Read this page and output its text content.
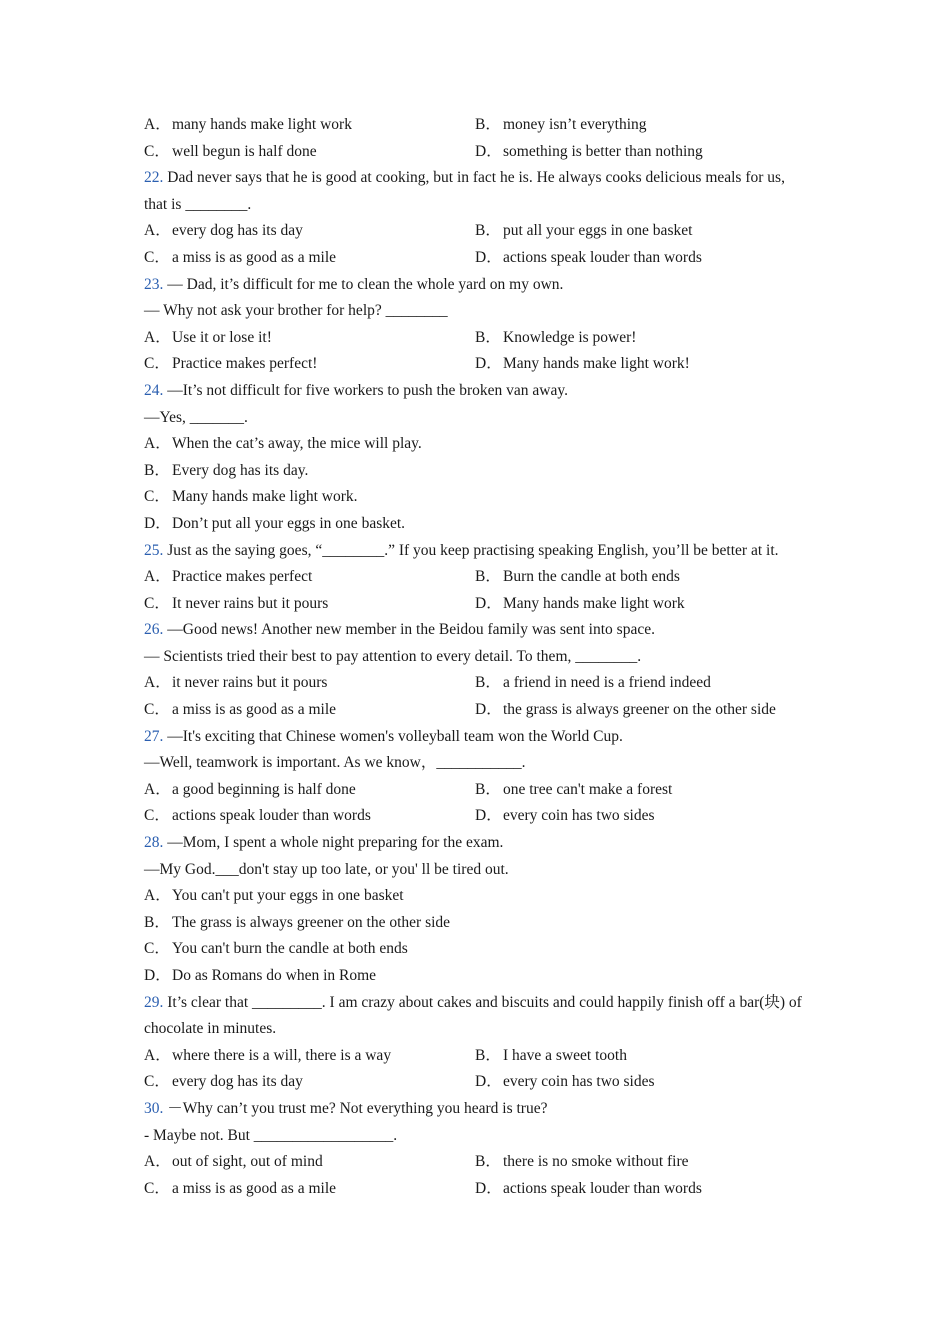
A．many hands make light work	B． money isn’t everything
C． well begun is half done	D．something is better than nothing
22. Dad never says that he is good at cooking, but in fact he is. He always cooks delicious meals for us, that is ________.
A．every dog has its day	B． put all your eggs in one basket
C． a miss is as good as a mile	D．actions speak louder than words
23. — Dad, it’s difficult for me to clean the whole yard on my own.
— Why not ask your brother for help? ________
A．Use it or lose it!	B． Knowledge is power!
C． Practice makes perfect!	D．Many hands make light work!
24. —It’s not difficult for five workers to push the broken van away.
—Yes, _______.
A．When the cat’s away, the mice will play.
B． Every dog has its day.
C． Many hands make light work.
D．Don’t put all your eggs in one basket.
25. Just as the saying goes, “________.” If you keep practising speaking English, you’ll be better at it.
A．Practice makes perfect	B． Burn the candle at both ends
C． It never rains but it pours	D．Many hands make light work
26. —Good news! Another new member in the Beidou family was sent into space.
— Scientists tried their best to pay attention to every detail. To them, ________.
A．it never rains but it pours	B． a friend in need is a friend indeed
C． a miss is as good as a mile	D．the grass is always greener on the other side
27. —It's exciting that Chinese women's volleyball team won the World Cup.
—Well, teamwork is important. As we know，___________.
A．a good beginning is half done	B． one tree can't make a forest
C． actions speak louder than words	D．every coin has two sides
28. —Mom, I spent a whole night preparing for the exam.
—My God.___don't stay up too late, or you' ll be tired out.
A．You can't put your eggs in one basket
B． The grass is always greener on the other side
C． You can't burn the candle at both ends
D．Do as Romans do when in Rome
29. It’s clear that _________. I am crazy about cakes and biscuits and could happily finish off a bar(块) of chocolate in minutes.
A．where there is a will, there is a way	B． I have a sweet tooth
C． every dog has its day	D．every coin has two sides
30. －Why can’t you trust me? Not everything you heard is true?
- Maybe not. But __________________.
A．out of sight, out of mind	B． there is no smoke without fire
C． a miss is as good as a mile	D．actions speak louder than words
